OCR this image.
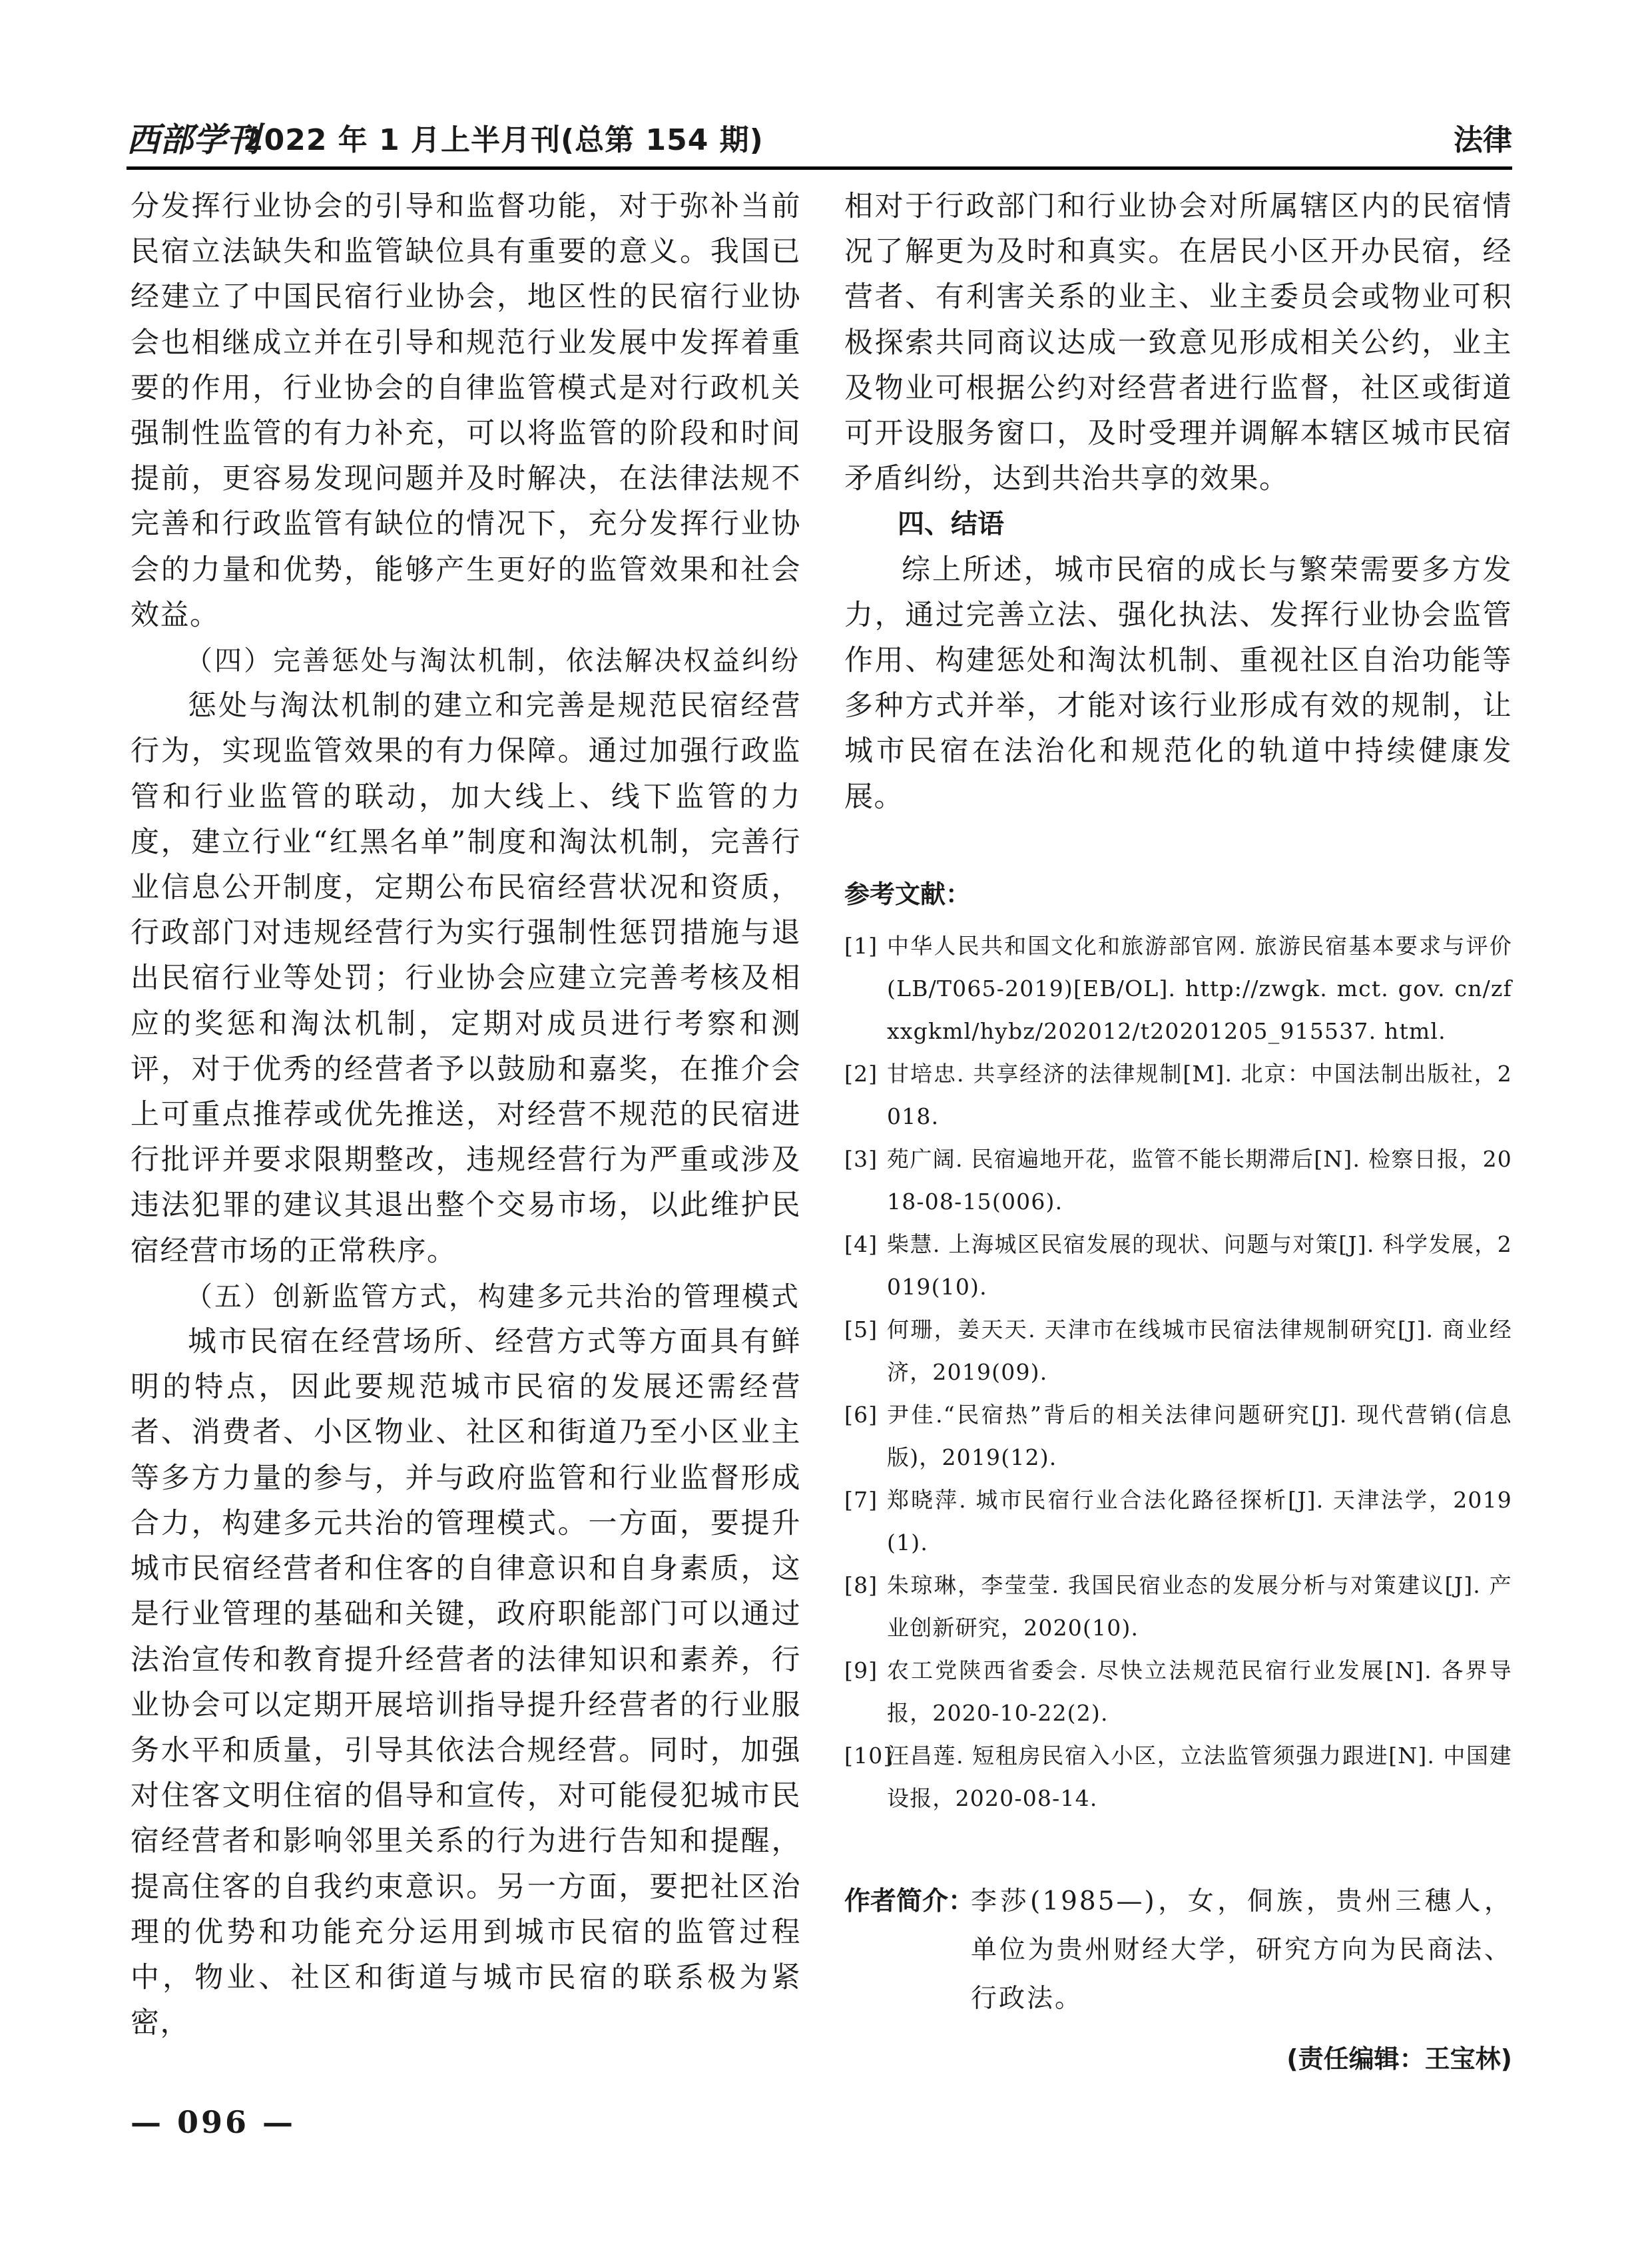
西部学刊
2022 年 1 月上半月刊(总第 154 期)	法律

分发挥行业协会的引导和监督功能，对于弥补当前民宿立法缺失和监管缺位具有重要的意义。我国已经建立了中国民宿行业协会，地区性的民宿行业协会也相继成立并在引导和规范行业发展中发挥着重要的作用，行业协会的自律监管模式是对行政机关强制性监管的有力补充，可以将监管的阶段和时间提前，更容易发现问题并及时解决，在法律法规不完善和行政监管有缺位的情况下，充分发挥行业协会的力量和优势，能够产生更好的监管效果和社会效益。

（四）完善惩处与淘汰机制，依法解决权益纠纷

惩处与淘汰机制的建立和完善是规范民宿经营行为，实现监管效果的有力保障。通过加强行政监管和行业监管的联动，加大线上、线下监管的力度，建立行业“红黑名单”制度和淘汰机制，完善行业信息公开制度，定期公布民宿经营状况和资质，行政部门对违规经营行为实行强制性惩罚措施与退出民宿行业等处罚；行业协会应建立完善考核及相应的奖惩和淘汰机制，定期对成员进行考察和测评，对于优秀的经营者予以鼓励和嘉奖，在推介会上可重点推荐或优先推送，对经营不规范的民宿进行批评并要求限期整改，违规经营行为严重或涉及违法犯罪的建议其退出整个交易市场，以此维护民宿经营市场的正常秩序。

（五）创新监管方式，构建多元共治的管理模式

城市民宿在经营场所、经营方式等方面具有鲜明的特点，因此要规范城市民宿的发展还需经营者、消费者、小区物业、社区和街道乃至小区业主等多方力量的参与，并与政府监管和行业监督形成合力，构建多元共治的管理模式。一方面，要提升城市民宿经营者和住客的自律意识和自身素质，这是行业管理的基础和关键，政府职能部门可以通过法治宣传和教育提升经营者的法律知识和素养，行业协会可以定期开展培训指导提升经营者的行业服务水平和质量，引导其依法合规经营。同时，加强对住客文明住宿的倡导和宣传，对可能侵犯城市民宿经营者和影响邻里关系的行为进行告知和提醒，提高住客的自我约束意识。另一方面，要把社区治理的优势和功能充分运用到城市民宿的监管过程中，物业、社区和街道与城市民宿的联系极为紧密，

相对于行政部门和行业协会对所属辖区内的民宿情况了解更为及时和真实。在居民小区开办民宿，经营者、有利害关系的业主、业主委员会或物业可积极探索共同商议达成一致意见形成相关公约，业主及物业可根据公约对经营者进行监督，社区或街道可开设服务窗口，及时受理并调解本辖区城市民宿矛盾纠纷，达到共治共享的效果。

四、结语

综上所述，城市民宿的成长与繁荣需要多方发力，通过完善立法、强化执法、发挥行业协会监管作用、构建惩处和淘汰机制、重视社区自治功能等多种方式并举，才能对该行业形成有效的规制，让城市民宿在法治化和规范化的轨道中持续健康发展。

参考文献：
[1] 中华人民共和国文化和旅游部官网. 旅游民宿基本要求与评价(LB/T065-2019)[EB/OL]. http://zwgk. mct. gov. cn/zfxxgkml/hybz/202012/t20201205_915537. html.
[2] 甘培忠. 共享经济的法律规制[M]. 北京：中国法制出版社，2018.
[3] 苑广阔. 民宿遍地开花，监管不能长期滞后[N]. 检察日报，2018-08-15(006).
[4] 柴慧. 上海城区民宿发展的现状、问题与对策[J]. 科学发展，2019(10).
[5] 何珊，姜天天. 天津市在线城市民宿法律规制研究[J]. 商业经济，2019(09).
[6] 尹佳.“民宿热”背后的相关法律问题研究[J]. 现代营销(信息版)，2019(12).
[7] 郑晓萍. 城市民宿行业合法化路径探析[J]. 天津法学，2019(1).
[8] 朱琼琳，李莹莹. 我国民宿业态的发展分析与对策建议[J]. 产业创新研究，2020(10).
[9] 农工党陕西省委会. 尽快立法规范民宿行业发展[N]. 各界导报，2020-10-22(2).
[10]
汪昌莲. 短租房民宿入小区，立法监管须强力跟进[N]. 中国建设报，2020-08-14.
作者简介：
李莎(1985—)，女，侗族，贵州三穗人，单位为贵州财经大学，研究方向为民商法、行政法。
(责任编辑：王宝林)
— 096 —
